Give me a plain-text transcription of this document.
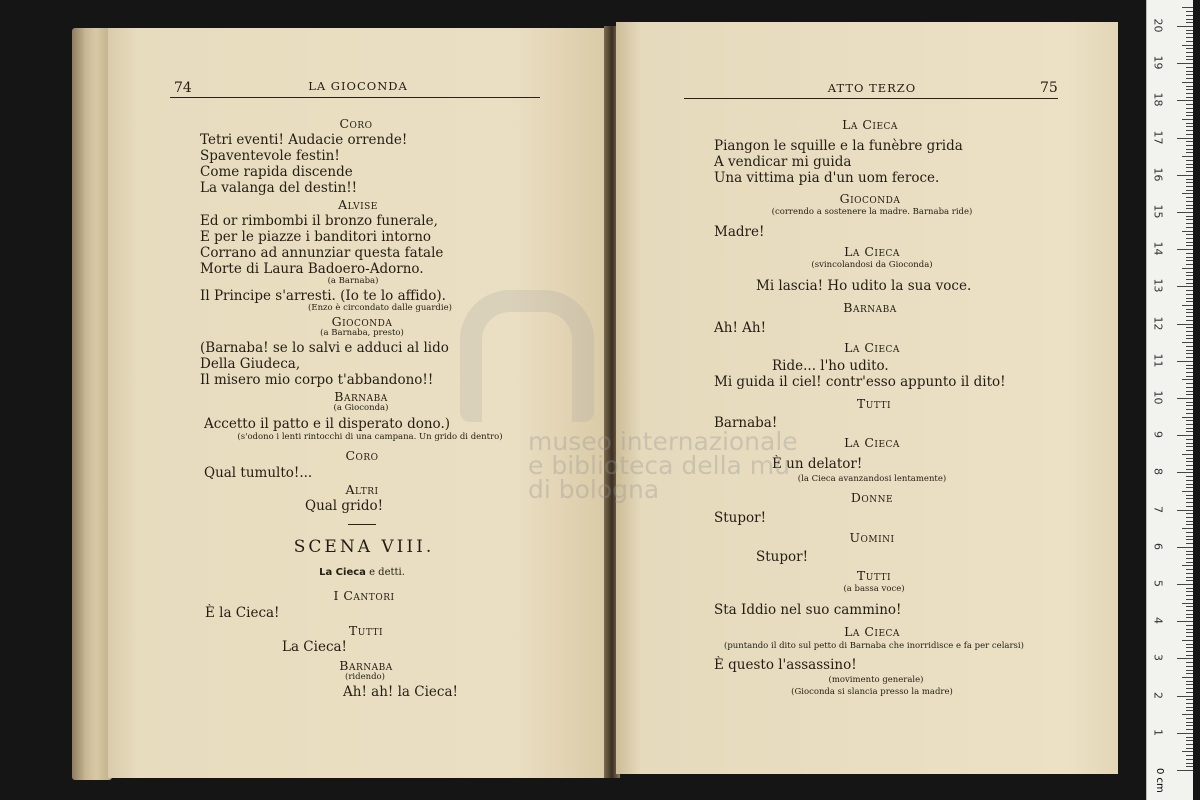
74	LA GIOCONDA
Coro
Tetri eventi! Audacie orrende!
Spaventevole festin!
Come rapida discende
La valanga del destin!!
Alvise
Ed or rimbombi il bronzo funerale,
E per le piazze i banditori intorno
Corrano ad annunziar questa fatale
Morte di Laura Badoero-Adorno.
(a Barnaba)
Il Principe s'arresti. (Io te lo affido).
(Enzo è circondato dalle guardie)
Gioconda
(a Barnaba, presto)
(Barnaba! se lo salvi e adduci al lido
Della Giudeca,
Il misero mio corpo t'abbandono!!
Barnaba
(a Gioconda)
Accetto il patto e il disperato dono.)
(s'odono i lenti rintocchi di una campana. Un grido di dentro)
Coro
Qual tumulto!...
Altri
Qual grido!
SCENA VIII.
La Cieca e detti.
I Cantori
È la Cieca!
Tutti
La Cieca!
Barnaba
(ridendo)
Ah! ah! la Cieca!
ATTO TERZO	75
La Cieca
Piangon le squille e la funèbre grida
A vendicar mi guida
Una vittima pia d'un uom feroce.
Gioconda
(correndo a sostenere la madre. Barnaba ride)
Madre!
La Cieca
(svincolandosi da Gioconda)
Mi lascia! Ho udito la sua voce.
Barnaba
Ah! Ah!
La Cieca
Ride... l'ho udito.
Mi guida il ciel! contr'esso appunto il dito!
Tutti
Barnaba!
La Cieca
È un delator!
(la Cieca avanzandosi lentamente)
Donne
Stupor!
Uomini
Stupor!
Tutti
(a bassa voce)
Sta Iddio nel suo cammino!
La Cieca
(puntando il dito sul petto di Barnaba che inorridisce e fa per celarsi)
È questo l'assassino!
(movimento generale)
(Gioconda si slancia presso la madre)
museo internazionale
e biblioteca della mu
di bologna
0 cm
1
2
3
4
5
6
7
8
9
10
11
12
13
14
15
16
17
18
19
20
